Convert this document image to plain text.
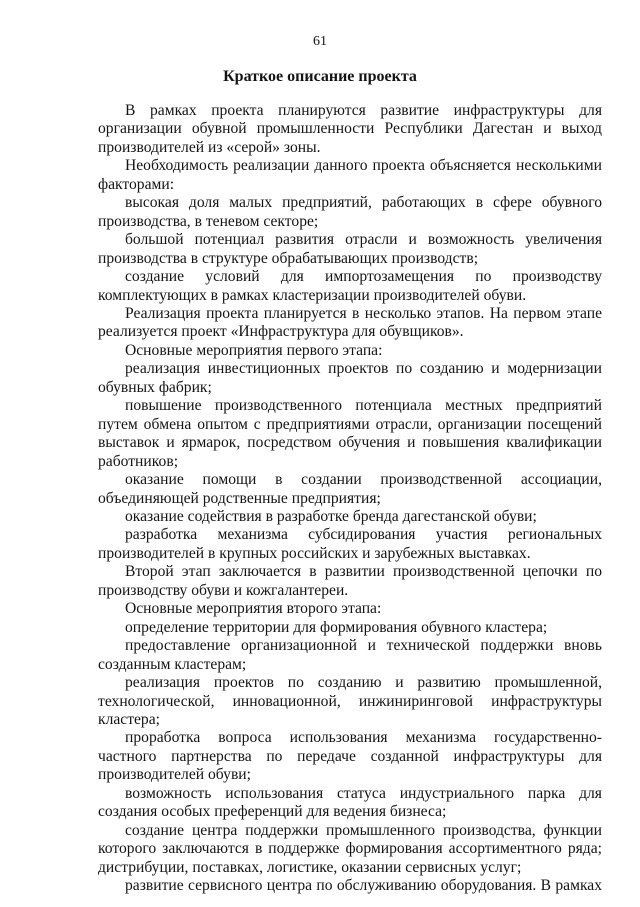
61
Краткое описание проекта

В рамках проекта планируются развитие инфраструктуры для организации обувной промышленности Республики Дагестан и выход производителей из «серой» зоны.

Необходимость реализации данного проекта объясняется несколькими факторами:

высокая доля малых предприятий, работающих в сфере обувного производства, в теневом секторе;

большой потенциал развития отрасли и возможность увеличения производства в структуре обрабатывающих производств;

создание условий для импортозамещения по производству комплектующих в рамках кластеризации производителей обуви.

Реализация проекта планируется в несколько этапов. На первом этапе реализуется проект «Инфраструктура для обувщиков».

Основные мероприятия первого этапа:

реализация инвестиционных проектов по созданию и модернизации обувных фабрик;

повышение производственного потенциала местных предприятий путем обмена опытом с предприятиями отрасли, организации посещений выставок и ярмарок, посредством обучения и повышения квалификации работников;

оказание помощи в создании производственной ассоциации, объединяющей родственные предприятия;

оказание содействия в разработке бренда дагестанской обуви;

разработка механизма субсидирования участия региональных производителей в крупных российских и зарубежных выставках.

Второй этап заключается в развитии производственной цепочки по производству обуви и кожгалантереи.

Основные мероприятия второго этапа:

определение территории для формирования обувного кластера;

предоставление организационной и технической поддержки вновь созданным кластерам;

реализация проектов по созданию и развитию промышленной, технологической, инновационной, инжиниринговой инфраструктуры кластера;

проработка вопроса использования механизма государственно-частного партнерства по передаче созданной инфраструктуры для производителей обуви;

возможность использования статуса индустриального парка для создания особых преференций для ведения бизнеса;

создание центра поддержки промышленного производства, функции которого заключаются в поддержке формирования ассортиментного ряда; дистрибуции, поставках, логистике, оказании сервисных услуг;

развитие сервисного центра по обслуживанию оборудования. В рамках
